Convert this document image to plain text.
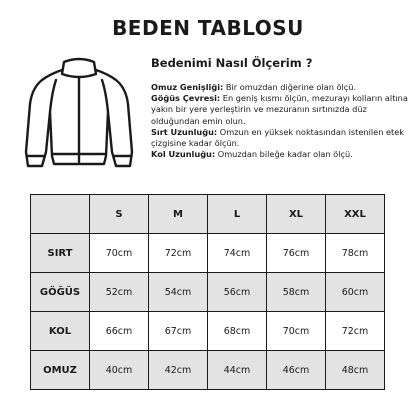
BEDEN TABLOSU
Bedenimi Nasıl Ölçerim ?

Omuz Genişliği: Bir omuzdan diğerine olan ölçü.

Göğüs Çevresi: En geniş kısmı ölçün, mezurayı kolların altına yakın bir yere yerleştirin ve mezuranın sırtınızda düz olduğundan emin olun.

Sırt Uzunluğu: Omzun en yüksek noktasından istenilen etek çizgisine kadar ölçün.

Kol Uzunluğu: Omuzdan bileğe kadar olan ölçü.

	S	M	L	XL	XXL
SIRT	70cm	72cm	74cm	76cm	78cm
GÖĞÜS	52cm	54cm	56cm	58cm	60cm
KOL	66cm	67cm	68cm	70cm	72cm
OMUZ	40cm	42cm	44cm	46cm	48cm
